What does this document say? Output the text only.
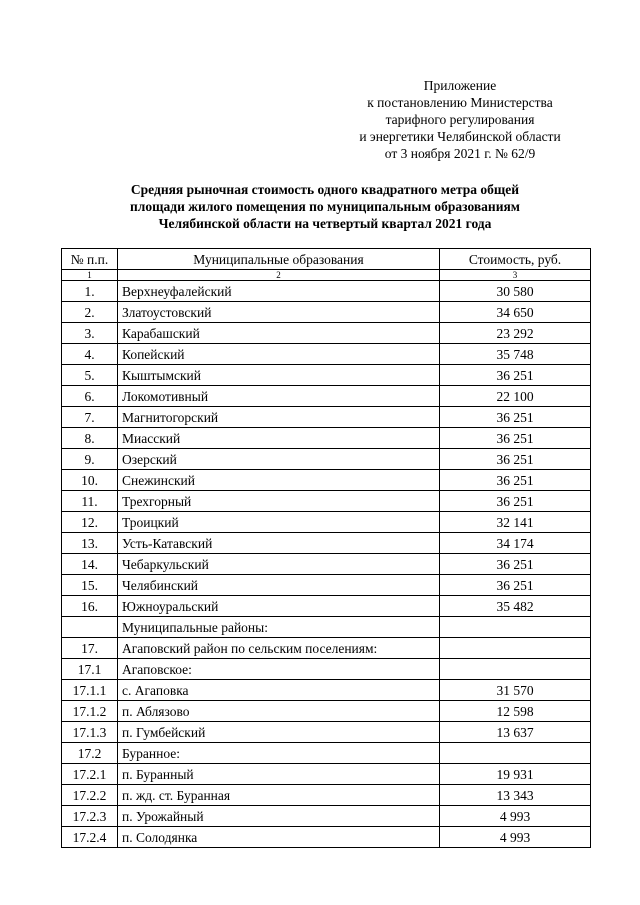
Приложение
к постановлению Министерства
тарифного регулирования
и энергетики Челябинской области
от 3 ноября 2021 г. № 62/9
Средняя рыночная стоимость одного квадратного метра общей
площади жилого помещения по муниципальным образованиям
Челябинской области на четвертый квартал 2021 года
№ п.п.	Муниципальные образования	Стоимость, руб.
1	2	3
1.	Верхнеуфалейский	30 580
2.	Златоустовский	34 650
3.	Карабашский	23 292
4.	Копейский	35 748
5.	Кыштымский	36 251
6.	Локомотивный	22 100
7.	Магнитогорский	36 251
8.	Миасский	36 251
9.	Озерский	36 251
10.	Снежинский	36 251
11.	Трехгорный	36 251
12.	Троицкий	32 141
13.	Усть-Катавский	34 174
14.	Чебаркульский	36 251
15.	Челябинский	36 251
16.	Южноуральский	35 482
	Муниципальные районы:	
17.	Агаповский район по сельским поселениям:	
17.1	Агаповское:	
17.1.1	с. Агаповка	31 570
17.1.2	п. Аблязово	12 598
17.1.3	п. Гумбейский	13 637
17.2	Буранное:	
17.2.1	п. Буранный	19 931
17.2.2	п. жд. ст. Буранная	13 343
17.2.3	п. Урожайный	4 993
17.2.4	п. Солодянка	4 993
